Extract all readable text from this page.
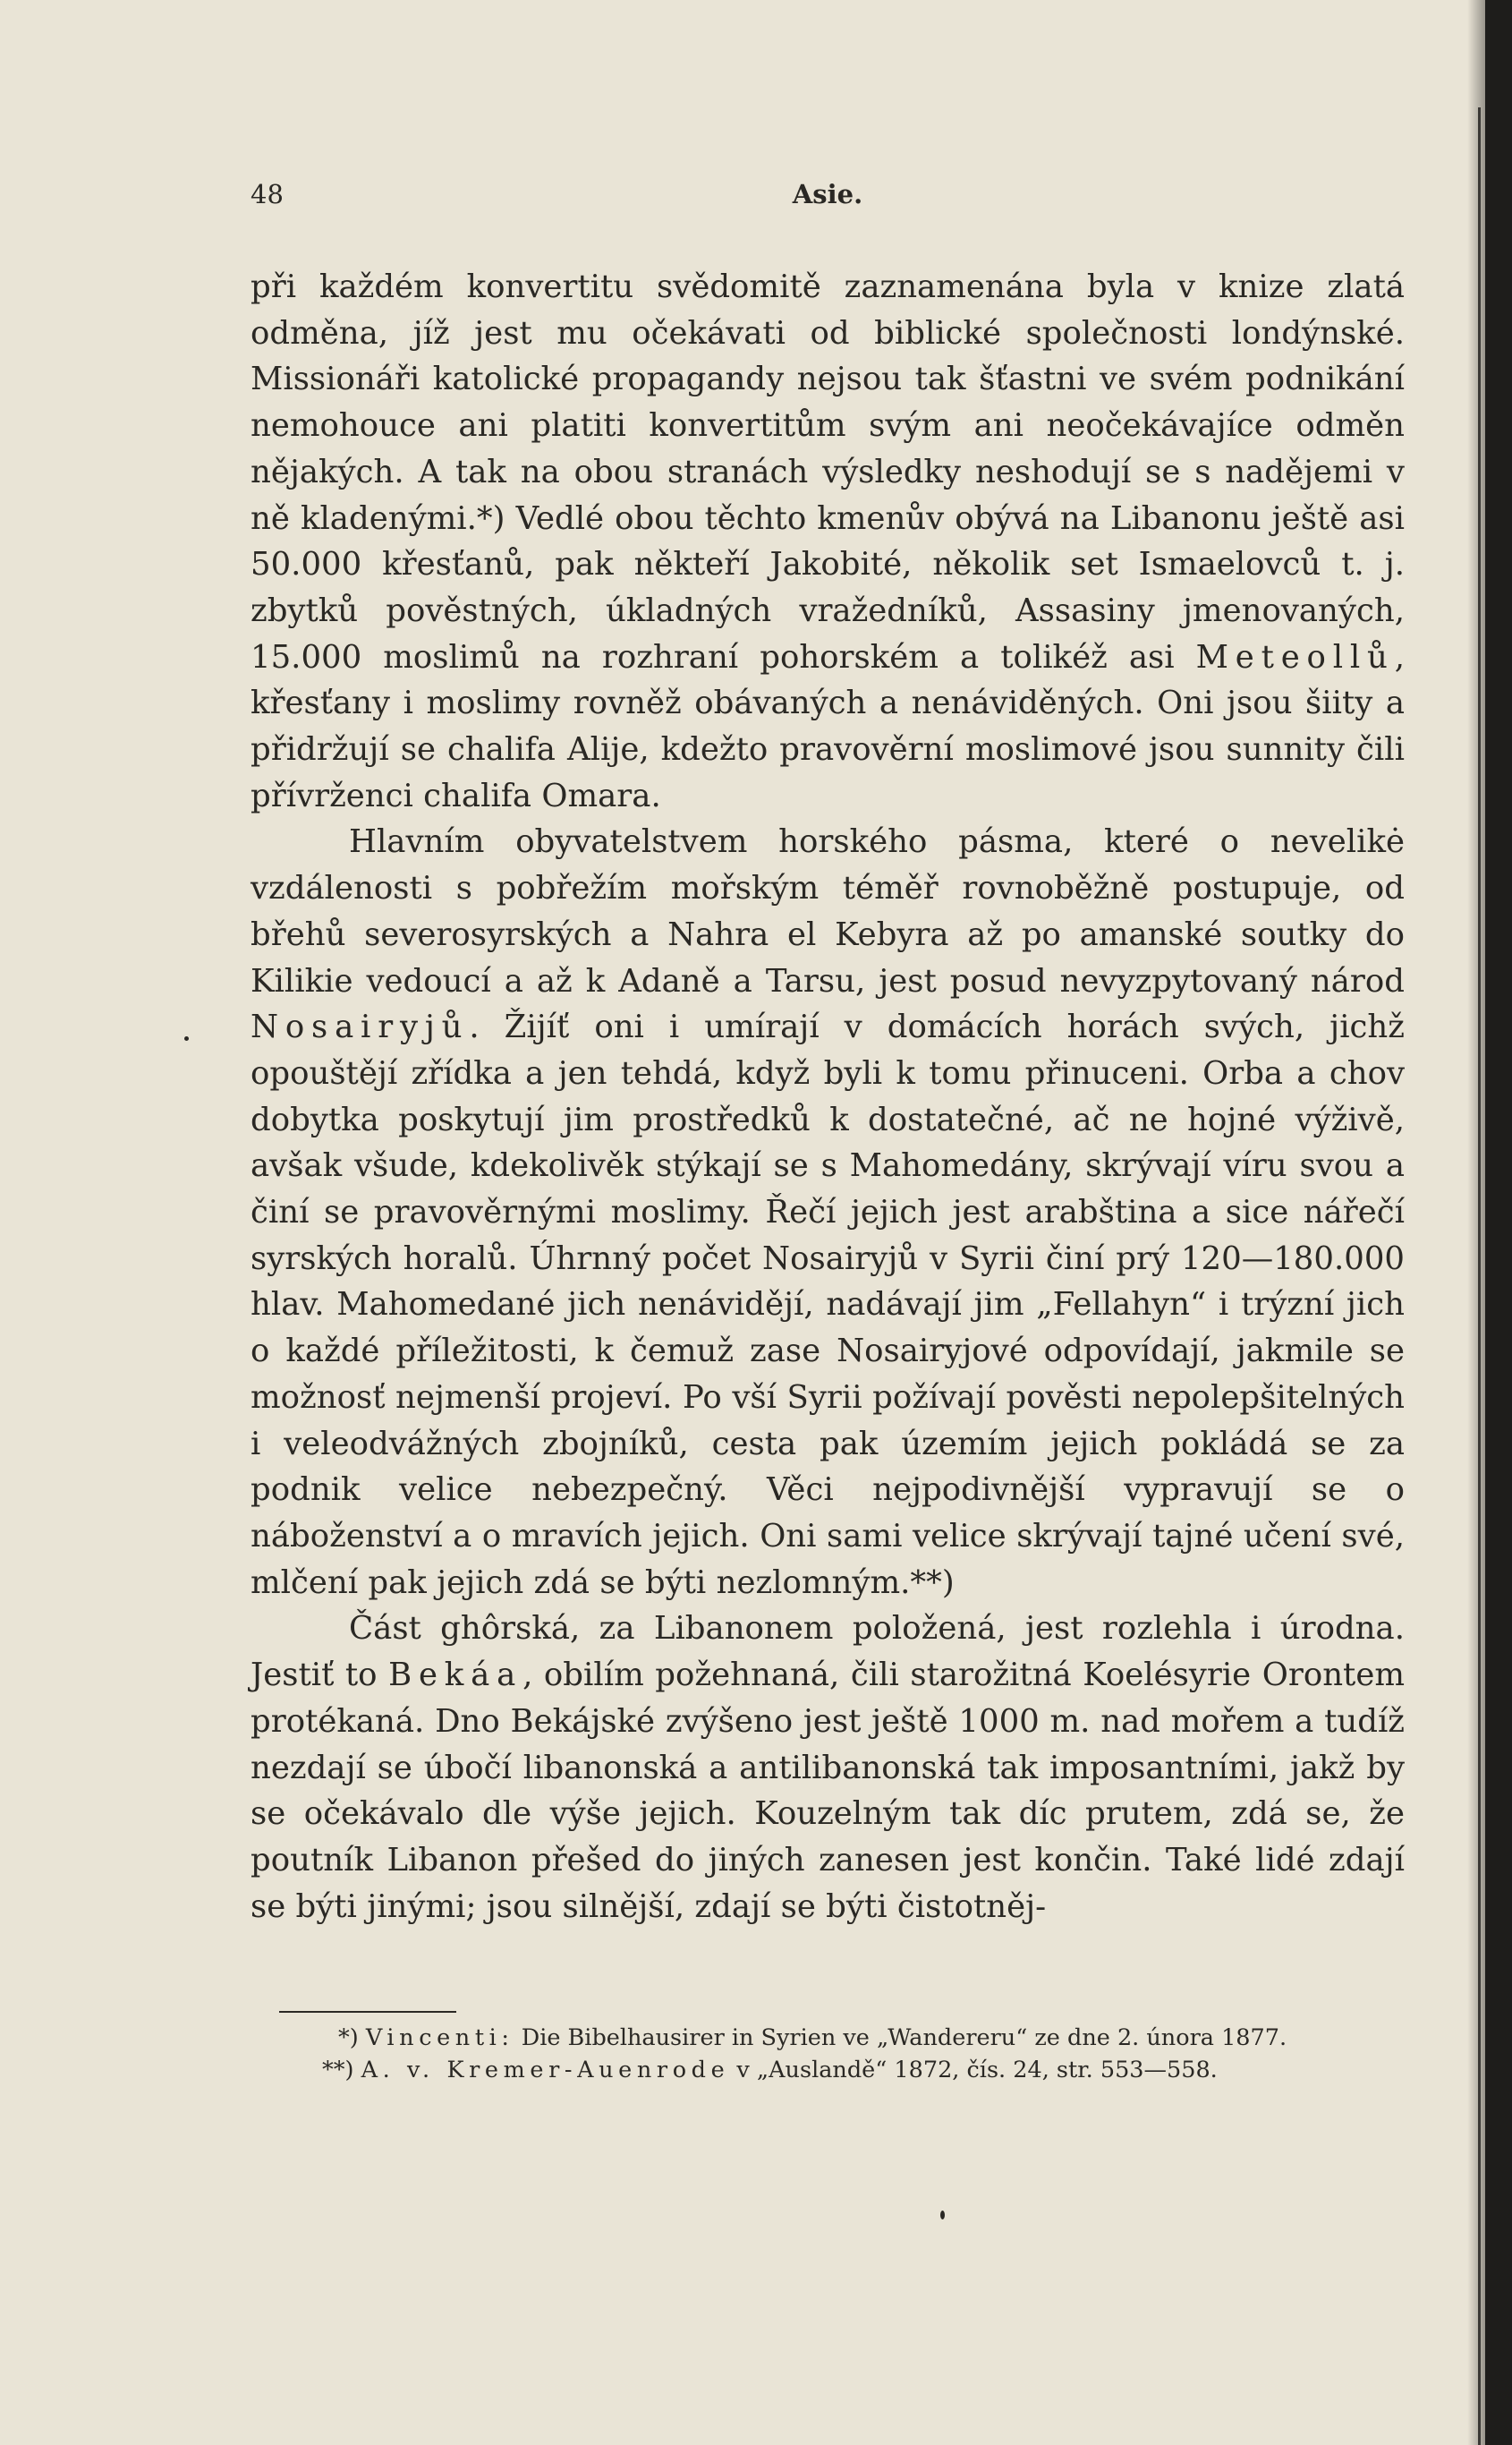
48	Asie.

při každém konvertitu svědomitě zaznamenána byla v knize zlatá odměna, jíž jest mu očekávati od biblické společnosti londýnské. Missionáři katolické propagandy nejsou tak šťastni ve svém podnikání nemohouce ani platiti konvertitům svým ani neočekávajíce odměn nějakých. A tak na obou stranách výsledky neshodují se s nadějemi v ně kladenými.*) Vedlé obou těchto kmenův obývá na Libanonu ještě asi 50.000 křesťanů, pak někteří Jakobité, několik set Ismaelovců t. j. zbytků pověstných, úkladných vražedníků, Assasiny jmenovaných, 15.000 moslimů na rozhraní pohorském a tolikéž asi Meteollů, křesťany i moslimy rovněž obávaných a nenáviděných. Oni jsou šiity a přidržují se chalifa Alije, kdežto pravověrní moslimové jsou sunnity čili přívrženci chalifa Omara.

Hlavním obyvatelstvem horského pásma, které o nevelikė vzdálenosti s pobřežím mořským téměř rovnoběžně postupuje, od břehů severosyrských a Nahra el Kebyra až po amanské soutky do Kilikie vedoucí a až k Adaně a Tarsu, jest posud nevyzpytovaný národ Nosairyjů. Žijíť oni i umírají v domácích horách svých, jichž opouštějí zřídka a jen tehdá, když byli k tomu přinuceni. Orba a chov dobytka poskytují jim prostředků k dostatečné, ač ne hojné výživě, avšak všude, kdekolivěk stýkají se s Mahomedány, skrývají víru svou a činí se pravověrnými moslimy. Řečí jejich jest arabština a sice nářečí syrských horalů. Úhrnný počet Nosairyjů v Syrii činí prý 120—180.000 hlav. Mahomedané jich nenávidějí, nadávají jim „Fellahyn“ i trýzní jich o každé příležitosti, k čemuž zase Nosairyjové odpovídají, jakmile se možnosť nejmenší projeví. Po vší Syrii požívají pověsti nepolepšitelných i veleodvážných zbojníků, cesta pak územím jejich pokládá se za podnik velice nebezpečný. Věci nejpodivnější vypravují se o náboženství a o mravích jejich. Oni sami velice skrývají tajné učení své, mlčení pak jejich zdá se býti nezlomným.**)

Část ghôrská, za Libanonem položená, jest rozlehla i úrodna. Jestiť to Bekáa, obilím požehnaná, čili starožitná Koelésyrie Orontem protékaná. Dno Bekájské zvýšeno jest ještě 1000 m. nad mořem a tudíž nezdají se úbočí libanonská a antilibanonská tak imposantními, jakž by se očekávalo dle výše jejich. Kouzelným tak díc prutem, zdá se, že poutník Libanon přešed do jiných zanesen jest končin. Také lidé zdají se býti jinými; jsou silnější, zdají se býti čistotněj-

*) Vincenti: Die Bibelhausirer in Syrien ve „Wandereru“ ze dne 2. února 1877.

**) A. v. Kremer-Auenrode v „Auslandě“ 1872, čís. 24, str. 553—558.
